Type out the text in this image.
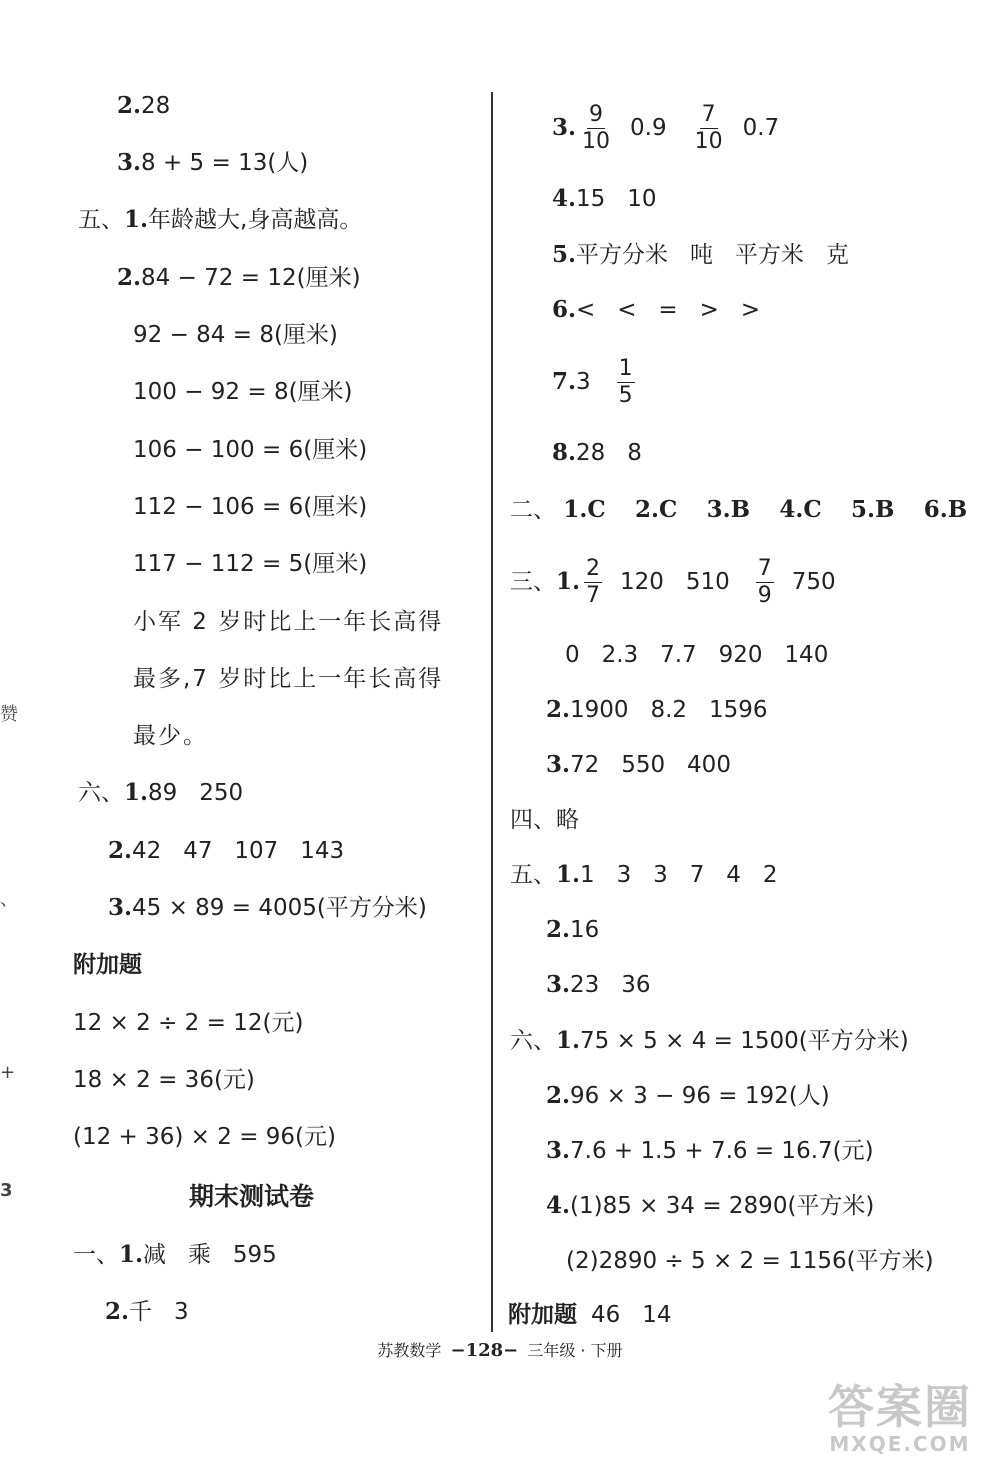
2.28
3.8 + 5 = 13(人)
五、1.年龄越大,身高越高。
2.84 − 72 = 12(厘米)
92 − 84 = 8(厘米)
100 − 92 = 8(厘米)
106 − 100 = 6(厘米)
112 − 106 = 6(厘米)
117 − 112 = 5(厘米)
小军 2 岁时比上一年长高得
最多,7 岁时比上一年长高得
最少。
六、1.89   250
2.42   47   107   143
3.45 × 89 = 4005(平方分米)
附加题
12 × 2 ÷ 2 = 12(元)
18 × 2 = 36(元)
(12 + 36) × 2 = 96(元)
期末测试卷
一、1.减   乘   595
2.千   3
3. $\frac{9}{10} 0.9 \frac{7}{10} 0.7$
4.15   10
5.平方分米   吨   平方米   克
6.<   <   =   >   >
7. $3 \frac{1}{5}$
8.28   8
二、 1.C 2.C 3.B 4.C 5.B 6.B
三、 1. $\frac{2}{7} 120$   $510 \frac{7}{9} 750$
0   2.3   7.7   920   140
2.1900   8.2   1596
3.72   550   400
四、略
五、1.1   3   3   7   4   2
2.16
3.23   36
六、1.75 × 5 × 4 = 1500(平方分米)
2.96 × 3 − 96 = 192(人)
3.7.6 + 1.5 + 7.6 = 16.7(元)
4.(1)85 × 34 = 2890(平方米)
(2)2890 ÷ 5 × 2 = 1156(平方米)
附加题 46   14
苏教数学 −128− 三年级 · 下册
赞
、
+
3
答案圈
MXQE.COM
